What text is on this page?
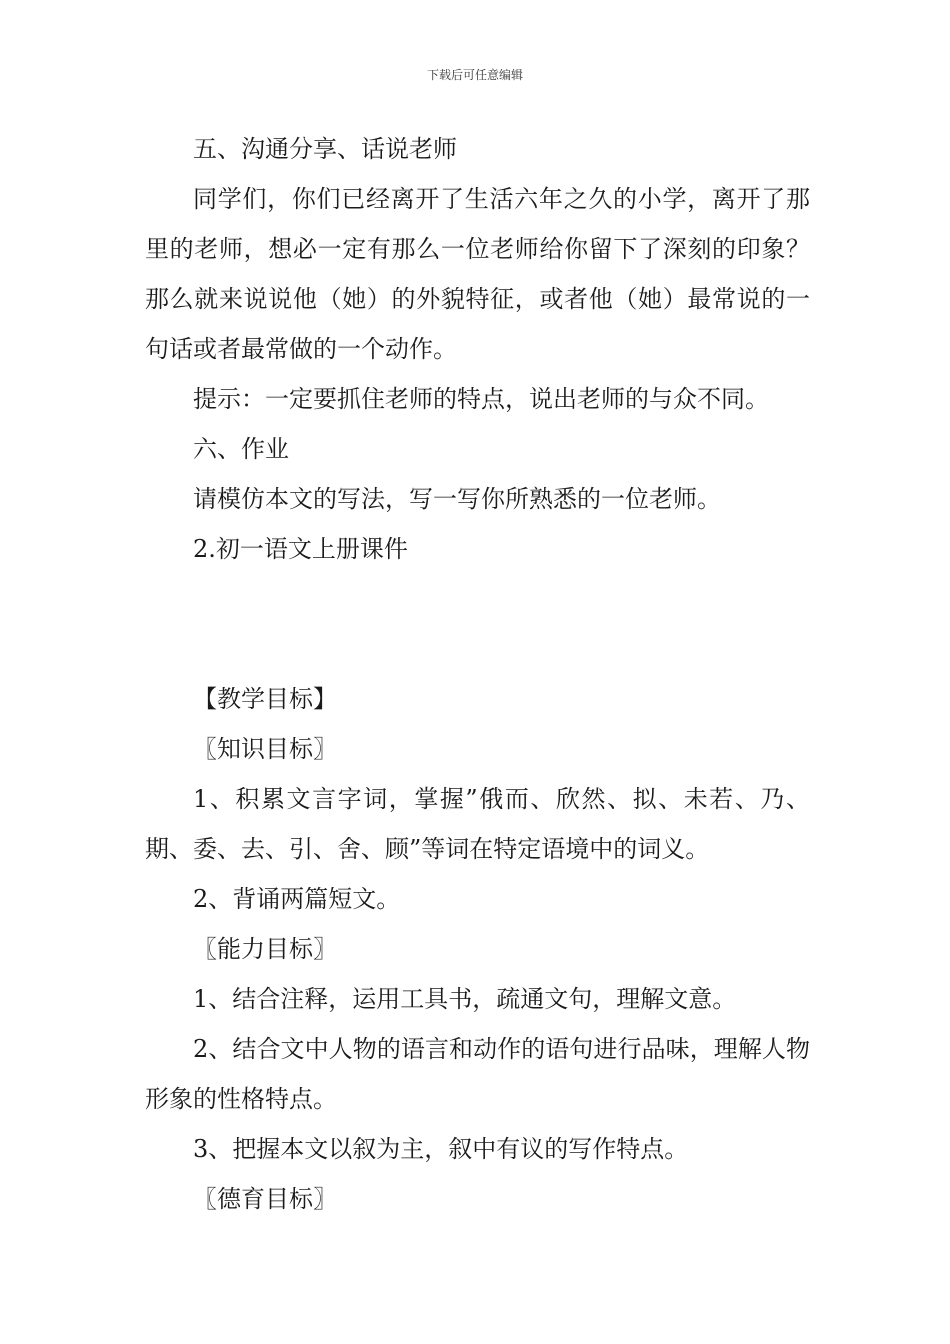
下载后可任意编辑

五、沟通分享、话说老师

同学们，你们已经离开了生活六年之久的小学，离开了那里的老师，想必一定有那么一位老师给你留下了深刻的印象？那么就来说说他（她）的外貌特征，或者他（她）最常说的一句话或者最常做的一个动作。

提示：一定要抓住老师的特点，说出老师的与众不同。

六、作业

请模仿本文的写法，写一写你所熟悉的一位老师。

2.初一语文上册课件

【教学目标】

〖知识目标〗

1、积累文言字词，掌握”俄而、欣然、拟、未若、乃、期、委、去、引、舍、顾”等词在特定语境中的词义。

2、背诵两篇短文。

〖能力目标〗

1、结合注释，运用工具书，疏通文句，理解文意。

2、结合文中人物的语言和动作的语句进行品味，理解人物形象的性格特点。

3、把握本文以叙为主，叙中有议的写作特点。

〖德育目标〗
